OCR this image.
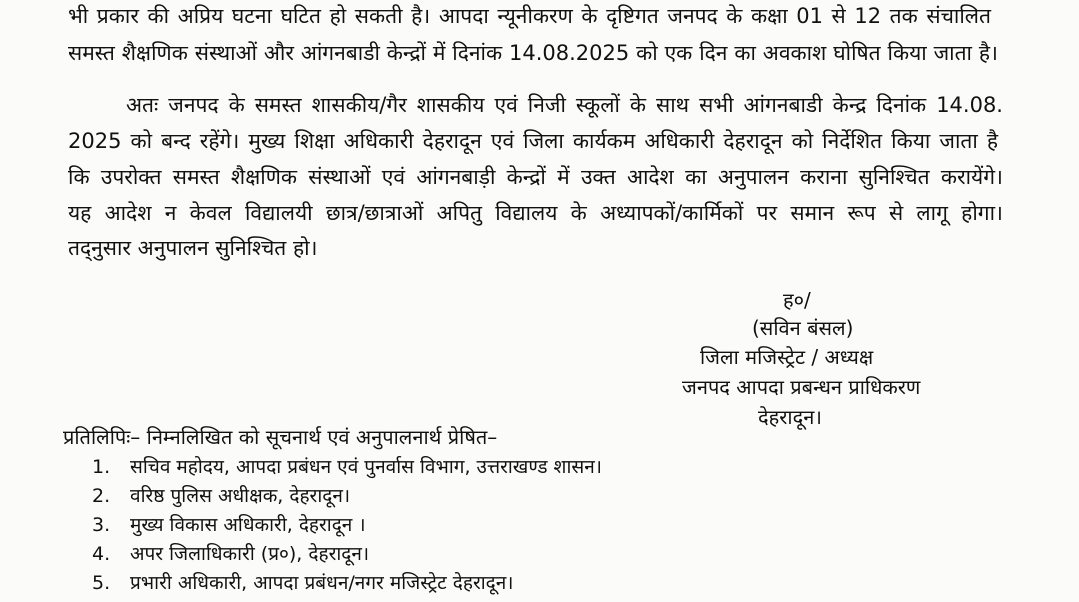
भी प्रकार की अप्रिय घटना घटित हो सकती है। आपदा न्यूनीकरण के दृष्टिगत जनपद के कक्षा 01 से 12 तक संचालित
समस्त शैक्षणिक संस्थाओं और आंगनबाडी केन्द्रों में दिनांक 14.08.2025 को एक दिन का अवकाश घोषित किया जाता है।
अतः जनपद के समस्त शासकीय/गैर शासकीय एवं निजी स्कूलों के साथ सभी आंगनबाडी केन्द्र दिनांक 14.08.
2025 को बन्द रहेंगे। मुख्य शिक्षा अधिकारी देहरादून एवं जिला कार्यकम अधिकारी देहरादून को निर्देशित किया जाता है
कि उपरोक्त समस्त शैक्षणिक संस्थाओं एवं आंगनबाड़ी केन्द्रों में उक्त आदेश का अनुपालन कराना सुनिश्चित करायेंगे।
यह आदेश न केवल विद्यालयी छात्र/छात्राओं अपितु विद्यालय के अध्यापकों/कार्मिकों पर समान रूप से लागू होगा।
तद्नुसार अनुपालन सुनिश्चित हो।
ह०/
(सविन बंसल)
जिला मजिस्ट्रेट / अध्यक्ष
जनपद आपदा प्रबन्धन प्राधिकरण
देहरादून।
प्रतिलिपिः– निम्नलिखित को सूचनार्थ एवं अनुपालनार्थ प्रेषित–
1. सचिव महोदय, आपदा प्रबंधन एवं पुनर्वास विभाग, उत्तराखण्ड शासन।
2. वरिष्ठ पुलिस अधीक्षक, देहरादून।
3. मुख्य विकास अधिकारी, देहरादून ।
4. अपर जिलाधिकारी (प्र०), देहरादून।
5. प्रभारी अधिकारी, आपदा प्रबंधन/नगर मजिस्ट्रेट देहरादून।
